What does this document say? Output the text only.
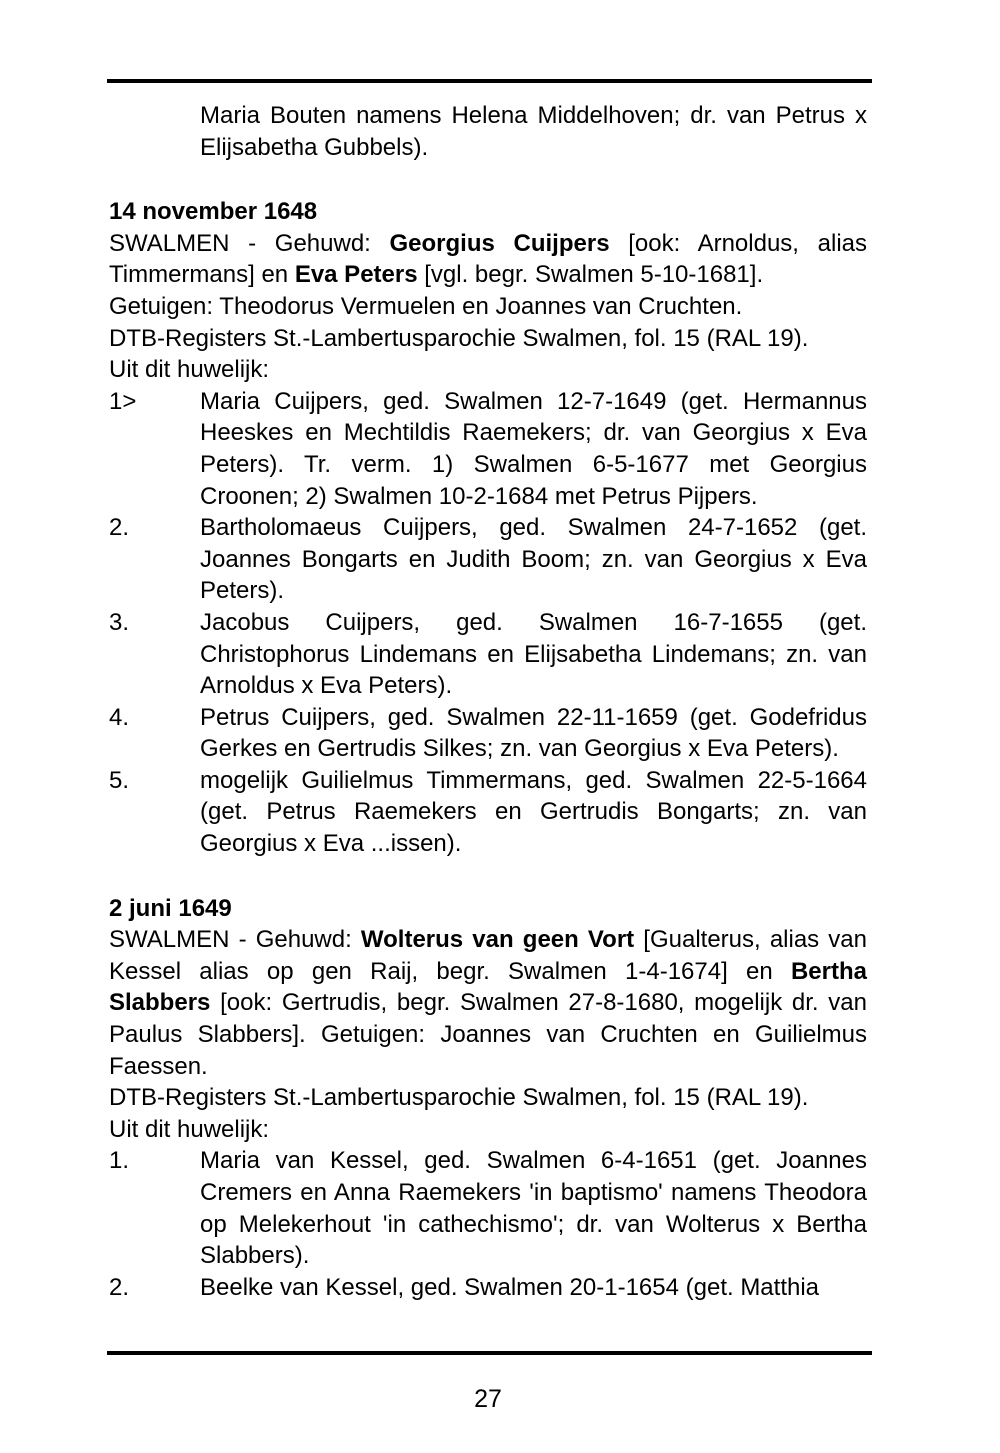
Maria Bouten namens Helena Middelhoven; dr. van Petrus x Elijsabetha Gubbels).
14 november 1648
SWALMEN - Gehuwd: Georgius Cuijpers [ook: Arnoldus, alias Timmermans] en Eva Peters [vgl. begr. Swalmen 5-10-1681].
Getuigen: Theodorus Vermuelen en Joannes van Cruchten.
DTB-Registers St.-Lambertusparochie Swalmen, fol. 15 (RAL 19).
Uit dit huwelijk:
1>	Maria Cuijpers, ged. Swalmen 12-7-1649 (get. Hermannus Heeskes en Mechtildis Raemekers; dr. van Georgius x Eva Peters). Tr. verm. 1) Swalmen 6-5-1677 met Georgius Croonen; 2) Swalmen 10-2-1684 met Petrus Pijpers.
2.	Bartholomaeus Cuijpers, ged. Swalmen 24-7-1652 (get. Joannes Bongarts en Judith Boom; zn. van Georgius x Eva Peters).
3.	Jacobus Cuijpers, ged. Swalmen 16-7-1655 (get. Christophorus Lindemans en Elijsabetha Lindemans; zn. van Arnoldus x Eva Peters).
4.	Petrus Cuijpers, ged. Swalmen 22-11-1659 (get. Godefridus Gerkes en Gertrudis Silkes; zn. van Georgius x Eva Peters).
5.	mogelijk Guilielmus Timmermans, ged. Swalmen 22-5-1664 (get. Petrus Raemekers en Gertrudis Bongarts; zn. van Georgius x Eva ...issen).
2 juni 1649
SWALMEN - Gehuwd: Wolterus van geen Vort [Gualterus, alias van Kessel alias op gen Raij, begr. Swalmen 1-4-1674] en Bertha Slabbers [ook: Gertrudis, begr. Swalmen 27-8-1680, mogelijk dr. van Paulus Slabbers]. Getuigen: Joannes van Cruchten en Guilielmus Faessen.
DTB-Registers St.-Lambertusparochie Swalmen, fol. 15 (RAL 19).
Uit dit huwelijk:
1.	Maria van Kessel, ged. Swalmen 6-4-1651 (get. Joannes Cremers en Anna Raemekers 'in baptismo' namens Theodora op Melekerhout 'in cathechismo'; dr. van Wolterus x Bertha Slabbers).
2.	Beelke van Kessel, ged. Swalmen 20-1-1654 (get. Matthia
27
